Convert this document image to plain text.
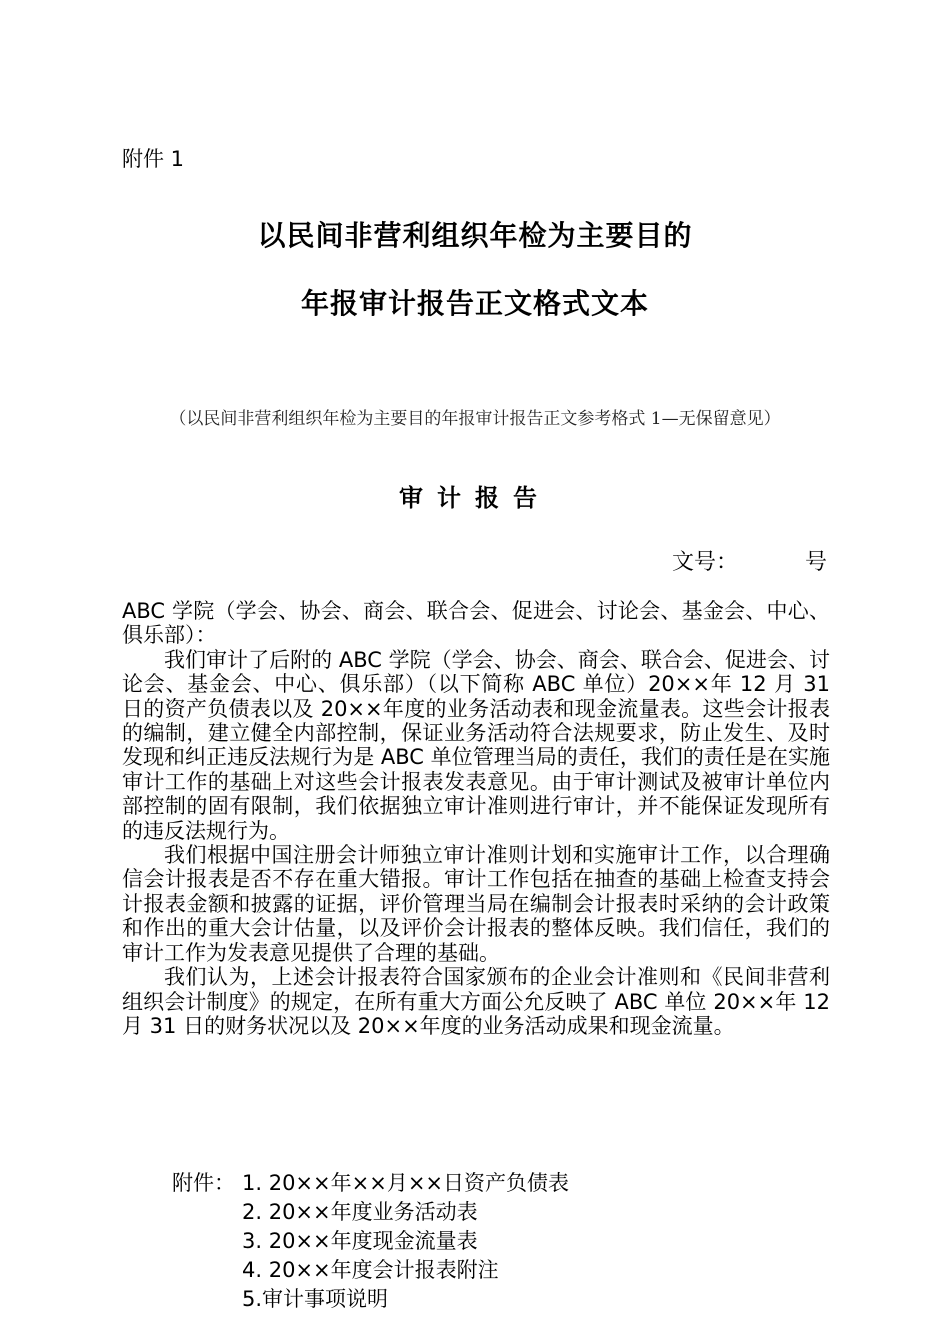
附件 1
以民间非营利组织年检为主要目的
年报审计报告正文格式文本
（以民间非营利组织年检为主要目的年报审计报告正文参考格式 1—无保留意见）
审计报告
文号：	号

ABC 学院（学会、协会、商会、联合会、促进会、讨论会、基金会、中心、俱乐部）：

我们审计了后附的 ABC 学院（学会、协会、商会、联合会、促进会、讨论会、基金会、中心、俱乐部）（以下简称 ABC 单位）20××年 12 月 31 日的资产负债表以及 20××年度的业务活动表和现金流量表。这些会计报表的编制，建立健全内部控制，保证业务活动符合法规要求，防止发生、及时发现和纠正违反法规行为是 ABC 单位管理当局的责任，我们的责任是在实施审计工作的基础上对这些会计报表发表意见。由于审计测试及被审计单位内部控制的固有限制，我们依据独立审计准则进行审计，并不能保证发现所有的违反法规行为。

我们根据中国注册会计师独立审计准则计划和实施审计工作，以合理确信会计报表是否不存在重大错报。审计工作包括在抽查的基础上检查支持会计报表金额和披露的证据，评价管理当局在编制会计报表时采纳的会计政策和作出的重大会计估量，以及评价会计报表的整体反映。我们信任，我们的审计工作为发表意见提供了合理的基础。

我们认为，上述会计报表符合国家颁布的企业会计准则和《民间非营利组织会计制度》的规定，在所有重大方面公允反映了 ABC 单位 20××年 12 月 31 日的财务状况以及 20××年度的业务活动成果和现金流量。

附件： 1. 20××年××月××日资产负债表
2. 20××年度业务活动表
3. 20××年度现金流量表
4. 20××年度会计报表附注
5.审计事项说明
